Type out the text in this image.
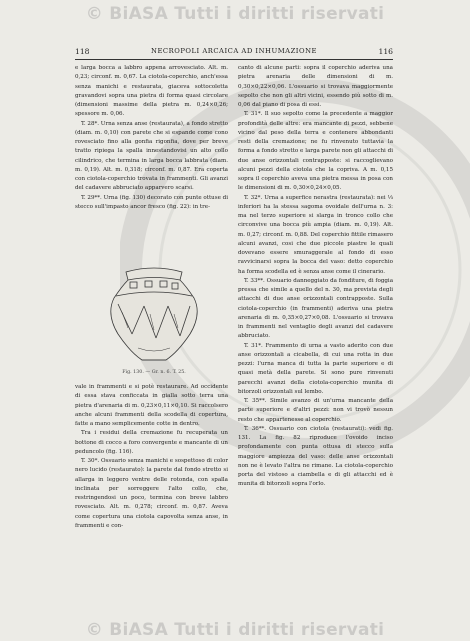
© BiASA Tutti i diritti riservati
118	NECROPOLI ARCAICA AD INHUMAZIONE	116

e larga bocca a labbro appena arrovesciato. Alt. m. 0,23; circonf. m. 0,67. La ciotola-coperchio, anch'essa senza manichi e restaurata, giaceva sottocoletta gravandovi sopra una pietra di forma quasi circolare (dimensioni massime della pietra m. 0,24×0,26; spessore m. 0,06.

T. 28*. Urna senza anse (restaurata), a fondo stretto (diam. m. 0,10) con parete che si espande come cono rovesciato fino alla gonfia rigonfia, dove per breve tratto ripiega la spalla innestandovisi un alto collo cilindrico, che termina in larga bocca labbrata (diam. m. 0,19). Alt. m. 0,318; circonf. m. 0,87. Era coperta con ciotola-coperchio trovata in frammenti. Gli avanzi del cadavere abbruciato apparvero scarsi.

T. 29**. Urna (fig. 130) decorato con punte ottuse di stecco sull'impasto ancor fresco (fig. 22): in tre-

Fig. 130. — Gr. n. 6. T. 25.

vale in frammenti e si potè restaurare. Ad occidente di essa stava conficcata in gialla sotto terra una pietra d'arenaria di m. 0,23×0,11×0,10. Si raccolsero anche alcuni frammenti della scodella di copertura, fatte a mano semplicemente cotte in dentro.

Tra i residui della cremazione fu recuperata un bottone di cocco a foro convergente e mancante di un peduncolo (fig. 116).

T. 30*. Ossuario senza manichi e sospettoso di color nero lucido (restaurato): la parete dal fondo stretto si allarga in leggero ventre delle rotonda, con spalla inclinata per sorreggere l'alto collo, che, restringendosi un poco, termina con breve labbro rovesciato. Alt. m. 0,278; circonf. m. 0,87. Aveva come copertura una ciotola capovolta senza anse, in frammenti e con-

canto di alcune parti: sopra il coperchio aderiva una pietra arenaria delle dimensioni di m. 0,30×0,22×0,06. L'ossuario si trovava maggiormente sepolto che non gli altri vicini, essendo più sotto di m. 0,06 dal piano di posa di essi.

T. 31*. Il suo sepolto come la precedente a maggior profondità delle altre: era mancante di pezzi, sebbene vicino dal peso della terra e contenere abbondanti resti della cremazione; ne fu rinvenuto tuttavia la forma a fondo stretto e larga parete non gli attacchi di due anse orizzontali contrapposte: si raccoglievano alcuni pezzi della ciotola che la copriva. A m. 0,15 sopra il coperchio aveva una pietra messa in posa con le dimensioni di m. 0,30×0,24×0,05.

T. 32*. Urna a superfice nerastra (restaurata): nei ⅓ inferiori ha la stessa sagoma ovoidale dell'urna n. 3: ma nel terzo superiore si slarga in tronco collo che circonvive una bocca più ampia (diam. m. 0,19). Alt. m. 0,27; circonf. m. 0,88. Del coperchio fittile rimasero alcuni avanzi, cosi che due piccole piastre le quali dovevano essere smuraggerale al fondo di esso ravvicinarsi sopra la bocca del vaso: detto coperchio ha forma scodella ed è senza anse come il cinerario.

T. 33**. Ossuario danneggiato da fonditure, di foggia pressa che simile a quello del n. 30, ma prevista degli attacchi di due anse orizzontali contrapposte. Sulla ciotola-coperchio (in frammenti) aderiva una pietra arenaria di m. 0,35×0,27×0,08. L'ossuario si trovava in frammenti nel ventaglio degli avanzi del cadavere abbruciato.

T. 31*. Frammento di urna a vasto aderito con due anse orizzontali a cicabella, di cui una rotta in due pezzi: l'urna manca di tutta la parte superiore e di quasi metà della parete. Si sono pure rinvenuti parecchi avanzi della ciotola-coperchio munita di bitorzoli orizzontali sul lembo.

T. 35**. Simile avanzo di un'urna mancante della parte superiore e d'altri pezzi: non vi trovò nessun resto che appartenesse al coperchio.

T. 36**. Ossuario con ciotola (restaurati): vedi fig. 131. La fig. 82 riproduce l'ovoido inciso profondamente con punta ottusa di stecco sulla maggiore ampiezza del vaso: delle anse orizzontali non ne è levato l'altra ne rimane. La ciotola-coperchio porta del vistoso a ciambella e di gli attacchi ed è munita di bitorzoli sopra l'orlo.

© BiASA Tutti i diritti riservati
